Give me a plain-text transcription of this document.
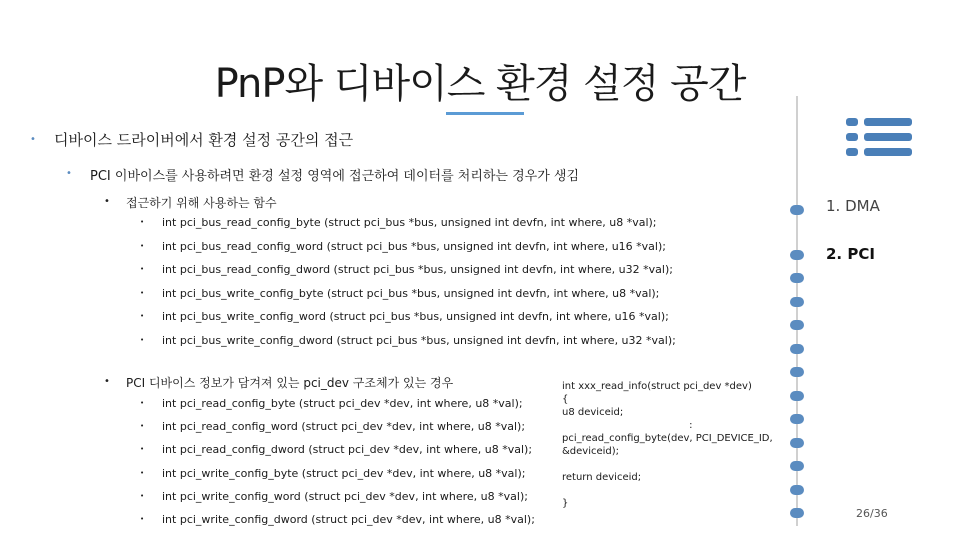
PnP와 디바이스 환경 설정 공간
• 디바이스 드라이버에서 환경 설정 공간의 접근
• PCI 이바이스를 사용하려면 환경 설정 영역에 접근하여 데이터를 처리하는 경우가 생김
• 접근하기 위해 사용하는 함수
• int pci_bus_read_config_byte (struct pci_bus *bus, unsigned int devfn, int where, u8 *val);
• int pci_bus_read_config_word (struct pci_bus *bus, unsigned int devfn, int where, u16 *val);
• int pci_bus_read_config_dword (struct pci_bus *bus, unsigned int devfn, int where, u32 *val);
• int pci_bus_write_config_byte (struct pci_bus *bus, unsigned int devfn, int where, u8 *val);
• int pci_bus_write_config_word (struct pci_bus *bus, unsigned int devfn, int where, u16 *val);
• int pci_bus_write_config_dword (struct pci_bus *bus, unsigned int devfn, int where, u32 *val);
• PCI 디바이스 정보가 담겨져 있는 pci_dev 구조체가 있는 경우
• int pci_read_config_byte (struct pci_dev *dev, int where, u8 *val);
• int pci_read_config_word (struct pci_dev *dev, int where, u8 *val);
• int pci_read_config_dword (struct pci_dev *dev, int where, u8 *val);
• int pci_write_config_byte (struct pci_dev *dev, int where, u8 *val);
• int pci_write_config_word (struct pci_dev *dev, int where, u8 *val);
• int pci_write_config_dword (struct pci_dev *dev, int where, u8 *val);
int xxx_read_info(struct pci_dev *dev)
{
u8 deviceid;
:
pci_read_config_byte(dev, PCI_DEVICE_ID,
&deviceid);

return deviceid;

}
1. DMA
2. PCI
26/36
